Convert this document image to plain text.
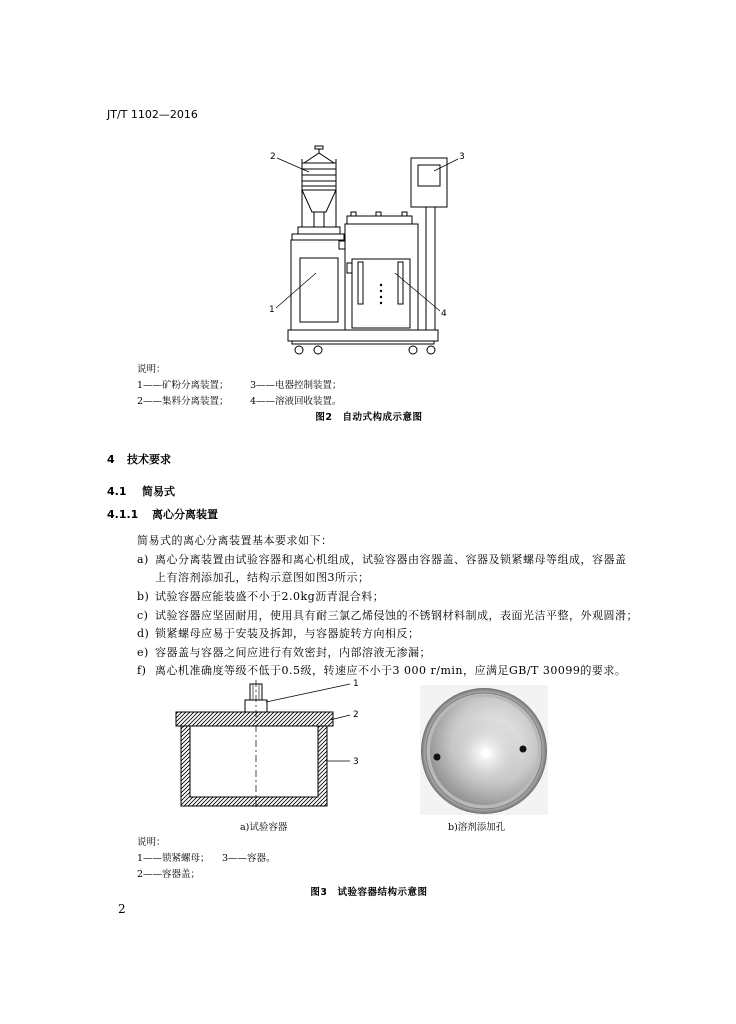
JT/T 1102—2016
2	3
1	4
说明：
1——矿粉分离装置； 3——电器控制装置；
2——集料分离装置； 4——溶液回收装置。
图2 自动式构成示意图
4 技术要求
4.1 简易式
4.1.1 离心分离装置
简易式的离心分离装置基本要求如下：
a) 离心分离装置由试验容器和离心机组成，试验容器由容器盖、容器及锁紧螺母等组成，容器盖
上有溶剂添加孔，结构示意图如图3所示；
b) 试验容器应能装盛不小于2.0kg沥青混合料；
c) 试验容器应坚固耐用，使用具有耐三氯乙烯侵蚀的不锈钢材料制成，表面光洁平整，外观圆滑；
d) 锁紧螺母应易于安装及拆卸，与容器旋转方向相反；
e) 容器盖与容器之间应进行有效密封，内部溶液无渗漏；
f) 离心机准确度等级不低于0.5级，转速应不小于3 000 r/min，应满足GB/T 30099的要求。
1
2
3
a)试验容器	b)溶剂添加孔
说明：
1——锁紧螺母； 3——容器。
2——容器盖；
图3 试验容器结构示意图
2
